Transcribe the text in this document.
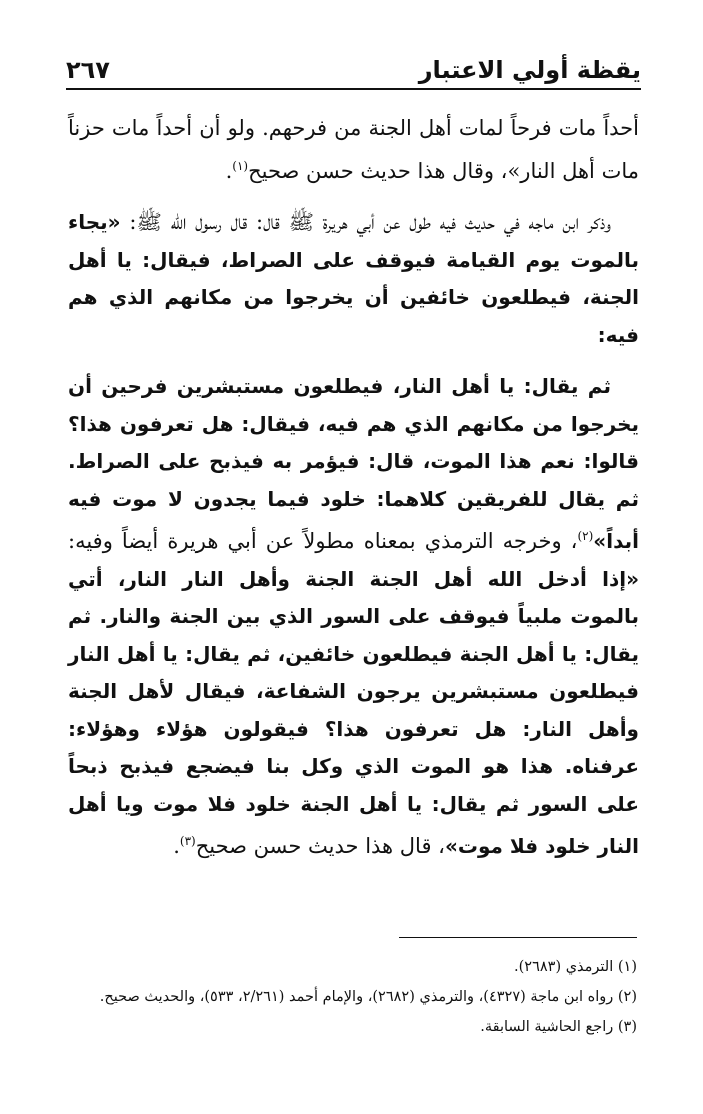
٢٦٧	يقظة أولي الاعتبار

أحداً مات فرحاً لمات أهل الجنة من فرحهم. ولو أن أحداً مات حزناً مات أهل النار»، وقال هذا حديث حسن صحيح$^{(١)}$.

وذكر ابن ماجه في حديث فيه طول عن أبي هريرة ﷺ قال: قال رسول الله ﷺ: «يجاء بالموت يوم القيامة فيوقف على الصراط، فيقال: يا أهل الجنة، فيطلعون خائفين أن يخرجوا من مكانهم الذي هم فيه:

ثم يقال: يا أهل النار، فيطلعون مستبشرين فرحين أن يخرجوا من مكانهم الذي هم فيه، فيقال: هل تعرفون هذا؟ قالوا: نعم هذا الموت، قال: فيؤمر به فيذبح على الصراط. ثم يقال للفريقين كلاهما: خلود فيما يجدون لا موت فيه أبداً»$^{(٢)}$، وخرجه الترمذي بمعناه مطولاً عن أبي هريرة أيضاً وفيه: «إذا أدخل الله أهل الجنة الجنة وأهل النار النار، أتي بالموت ملبياً فيوقف على السور الذي بين الجنة والنار. ثم يقال: يا أهل الجنة فيطلعون خائفين، ثم يقال: يا أهل النار فيطلعون مستبشرين يرجون الشفاعة، فيقال لأهل الجنة وأهل النار: هل تعرفون هذا؟ فيقولون هؤلاء وهؤلاء: عرفناه. هذا هو الموت الذي وكل بنا فيضجع فيذبح ذبحاً على السور ثم يقال: يا أهل الجنة خلود فلا موت ويا أهل النار خلود فلا موت»، قال هذا حديث حسن صحيح$^{(٣)}$.

(١) الترمذي (٢٦٨٣).
(٢) رواه ابن ماجة (٤٣٢٧)، والترمذي (٢٦٨٢)، والإمام أحمد (٢/٢٦١، ٥٣٣)، والحديث صحيح.
(٣) راجع الحاشية السابقة.
